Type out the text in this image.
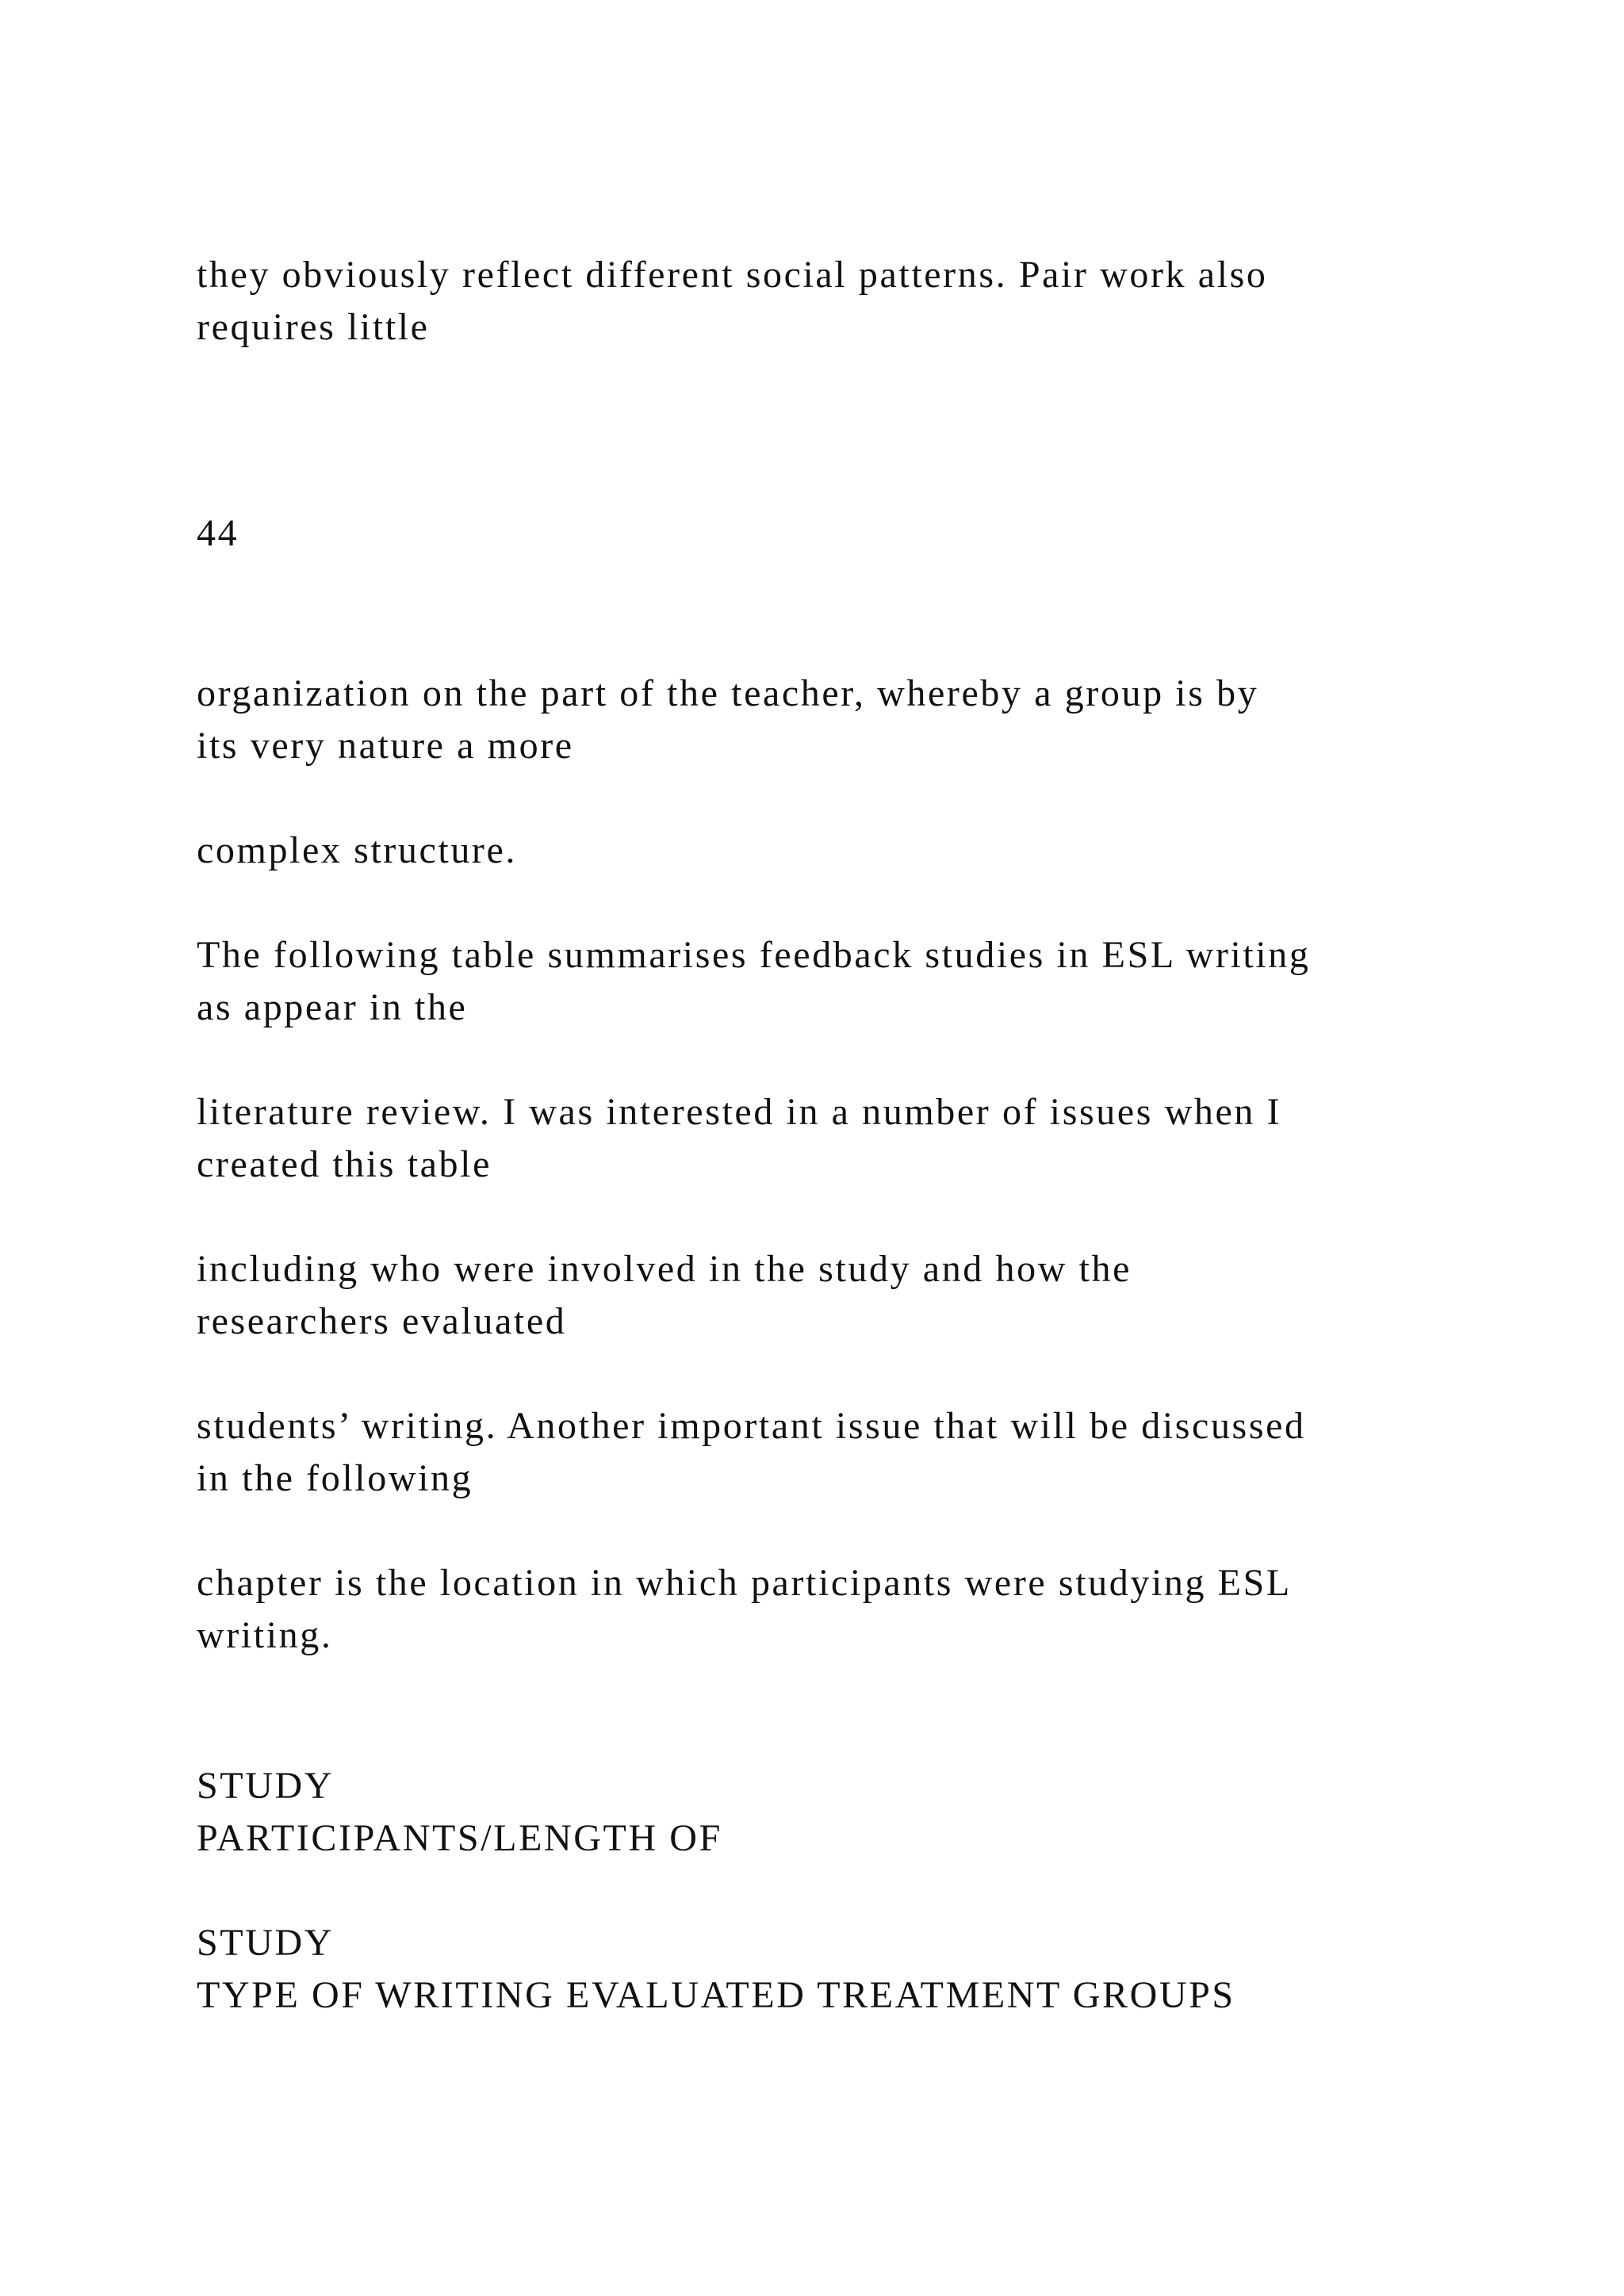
they obviously reflect different social patterns. Pair work also

requires little

44

organization on the part of the teacher, whereby a group is by

its very nature a more

complex structure.

The following table summarises feedback studies in ESL writing

as appear in the

literature review. I was interested in a number of issues when I

created this table

including who were involved in the study and how the

researchers evaluated

students’ writing. Another important issue that will be discussed

in the following

chapter is the location in which participants were studying ESL

writing.

STUDY

PARTICIPANTS/LENGTH OF

STUDY

TYPE OF WRITING EVALUATED TREATMENT GROUPS
